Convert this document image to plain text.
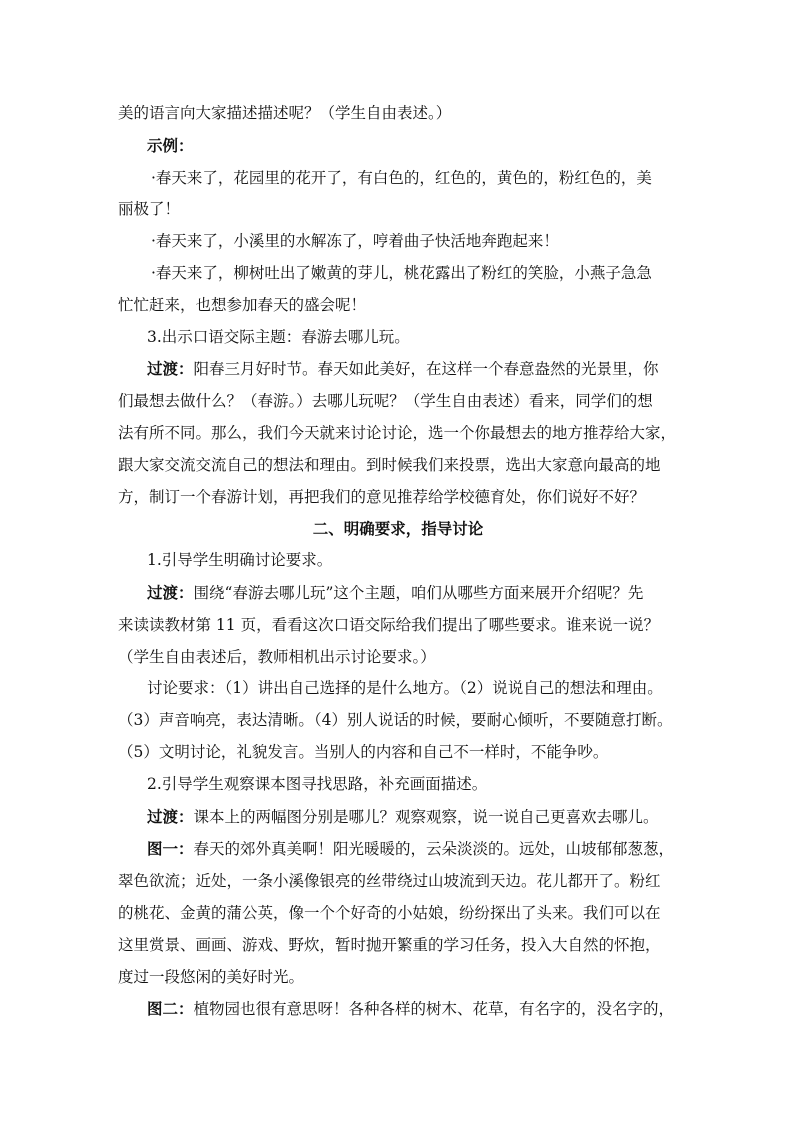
美的语言向大家描述描述呢？（学生自由表述。）

示例：

·春天来了，花园里的花开了，有白色的，红色的，黄色的，粉红色的，美

丽极了！

·春天来了，小溪里的水解冻了，哼着曲子快活地奔跑起来！

·春天来了，柳树吐出了嫩黄的芽儿，桃花露出了粉红的笑脸，小燕子急急

忙忙赶来，也想参加春天的盛会呢！

3.出示口语交际主题：春游去哪儿玩。

过渡：阳春三月好时节。春天如此美好，在这样一个春意盎然的光景里，你

们最想去做什么？（春游。）去哪儿玩呢？（学生自由表述）看来，同学们的想

法有所不同。那么，我们今天就来讨论讨论，选一个你最想去的地方推荐给大家，

跟大家交流交流自己的想法和理由。到时候我们来投票，选出大家意向最高的地

方，制订一个春游计划，再把我们的意见推荐给学校德育处，你们说好不好？

二、明确要求，指导讨论

1.引导学生明确讨论要求。

过渡：围绕“春游去哪儿玩”这个主题，咱们从哪些方面来展开介绍呢？先

来读读教材第 11 页，看看这次口语交际给我们提出了哪些要求。谁来说一说？

（学生自由表述后，教师相机出示讨论要求。）

讨论要求：（1）讲出自己选择的是什么地方。（2）说说自己的想法和理由。

（3）声音响亮，表达清晰。（4）别人说话的时候，要耐心倾听，不要随意打断。

（5）文明讨论，礼貌发言。当别人的内容和自己不一样时，不能争吵。

2.引导学生观察课本图寻找思路，补充画面描述。

过渡：课本上的两幅图分别是哪儿？观察观察，说一说自己更喜欢去哪儿。

图一：春天的郊外真美啊！阳光暖暖的，云朵淡淡的。远处，山坡郁郁葱葱，

翠色欲流；近处，一条小溪像银亮的丝带绕过山坡流到天边。花儿都开了。粉红

的桃花、金黄的蒲公英，像一个个好奇的小姑娘，纷纷探出了头来。我们可以在

这里赏景、画画、游戏、野炊，暂时抛开繁重的学习任务，投入大自然的怀抱，

度过一段悠闲的美好时光。

图二：植物园也很有意思呀！各种各样的树木、花草，有名字的，没名字的，
